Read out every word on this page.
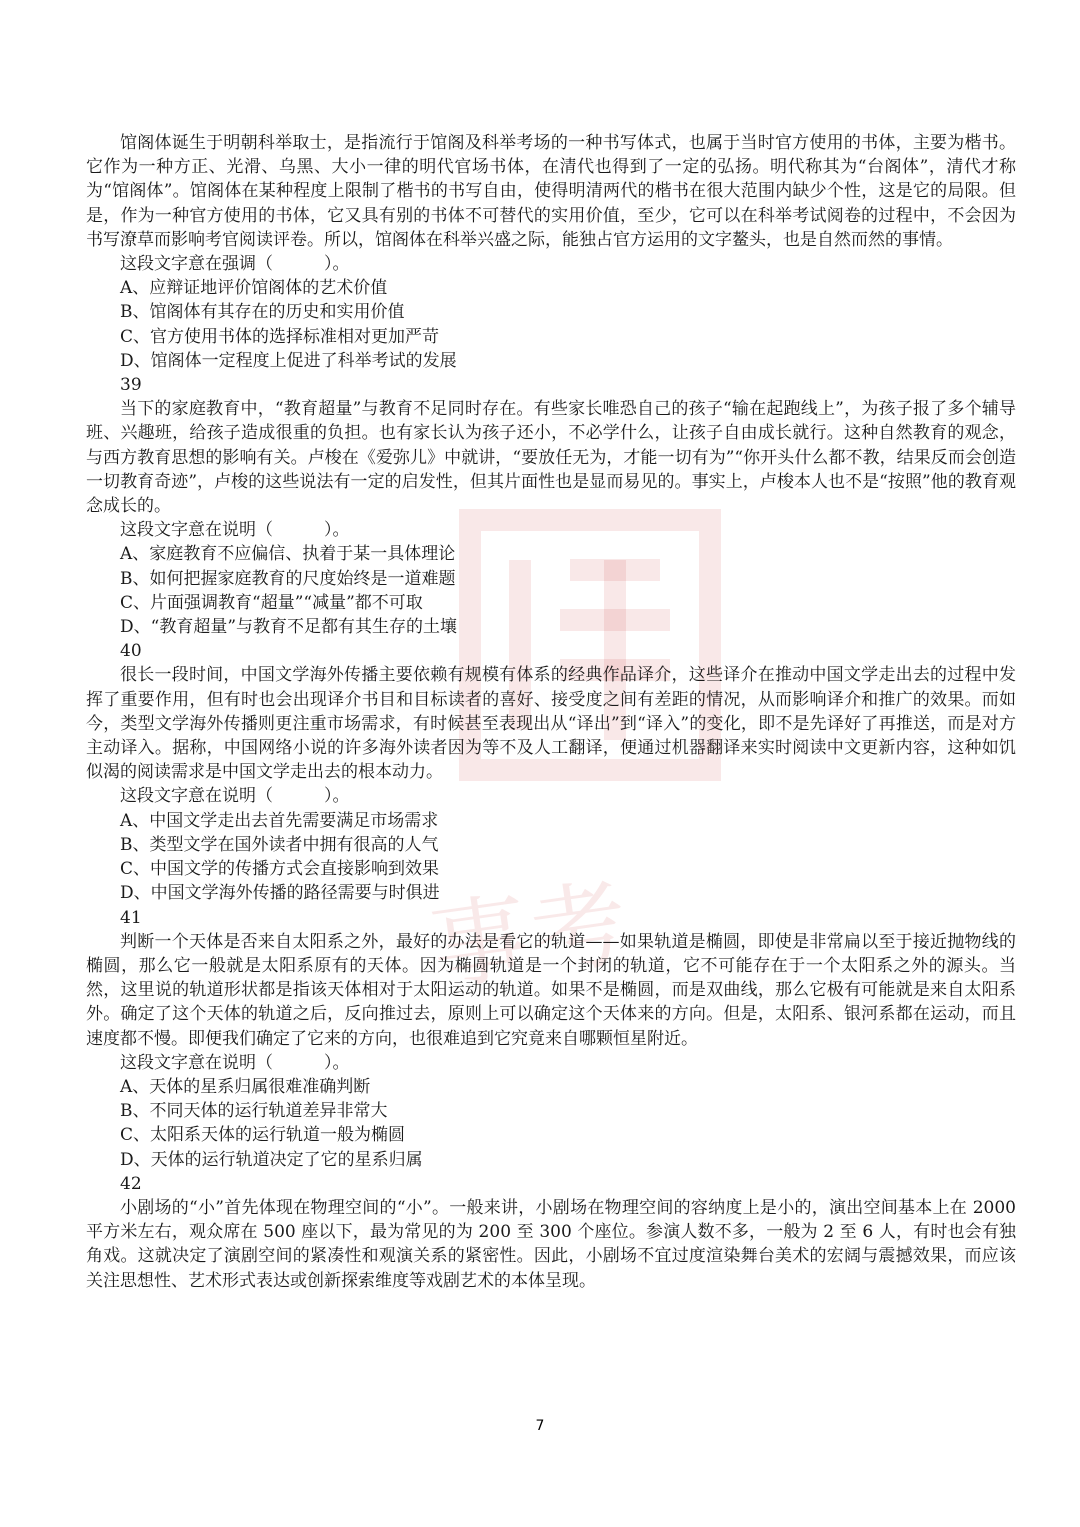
事考

馆阁体诞生于明朝科举取士，是指流行于馆阁及科举考场的一种书写体式，也属于当时官方使用的书体，主要为楷书。它作为一种方正、光滑、乌黑、大小一律的明代官场书体，在清代也得到了一定的弘扬。明代称其为“台阁体”，清代才称为“馆阁体”。馆阁体在某种程度上限制了楷书的书写自由，使得明清两代的楷书在很大范围内缺少个性，这是它的局限。但是，作为一种官方使用的书体，它又具有别的书体不可替代的实用价值，至少，它可以在科举考试阅卷的过程中，不会因为书写潦草而影响考官阅读评卷。所以，馆阁体在科举兴盛之际，能独占官方运用的文字鳌头，也是自然而然的事情。

这段文字意在强调（　　　）。

A、应辩证地评价馆阁体的艺术价值

B、馆阁体有其存在的历史和实用价值

C、官方使用书体的选择标准相对更加严苛

D、馆阁体一定程度上促进了科举考试的发展

39

当下的家庭教育中，“教育超量”与教育不足同时存在。有些家长唯恐自己的孩子“输在起跑线上”，为孩子报了多个辅导班、兴趣班，给孩子造成很重的负担。也有家长认为孩子还小，不必学什么，让孩子自由成长就行。这种自然教育的观念，与西方教育思想的影响有关。卢梭在《爱弥儿》中就讲，“要放任无为，才能一切有为”“你开头什么都不教，结果反而会创造一切教育奇迹”，卢梭的这些说法有一定的启发性，但其片面性也是显而易见的。事实上，卢梭本人也不是“按照”他的教育观念成长的。

这段文字意在说明（　　　）。

A、家庭教育不应偏信、执着于某一具体理论

B、如何把握家庭教育的尺度始终是一道难题

C、片面强调教育“超量”“减量”都不可取

D、“教育超量”与教育不足都有其生存的土壤

40

很长一段时间，中国文学海外传播主要依赖有规模有体系的经典作品译介，这些译介在推动中国文学走出去的过程中发挥了重要作用，但有时也会出现译介书目和目标读者的喜好、接受度之间有差距的情况，从而影响译介和推广的效果。而如今，类型文学海外传播则更注重市场需求，有时候甚至表现出从“译出”到“译入”的变化，即不是先译好了再推送，而是对方主动译入。据称，中国网络小说的许多海外读者因为等不及人工翻译，便通过机器翻译来实时阅读中文更新内容，这种如饥似渴的阅读需求是中国文学走出去的根本动力。

这段文字意在说明（　　　）。

A、中国文学走出去首先需要满足市场需求

B、类型文学在国外读者中拥有很高的人气

C、中国文学的传播方式会直接影响到效果

D、中国文学海外传播的路径需要与时俱进

41

判断一个天体是否来自太阳系之外，最好的办法是看它的轨道——如果轨道是椭圆，即使是非常扁以至于接近抛物线的椭圆，那么它一般就是太阳系原有的天体。因为椭圆轨道是一个封闭的轨道，它不可能存在于一个太阳系之外的源头。当然，这里说的轨道形状都是指该天体相对于太阳运动的轨道。如果不是椭圆，而是双曲线，那么它极有可能就是来自太阳系外。确定了这个天体的轨道之后，反向推过去，原则上可以确定这个天体来的方向。但是，太阳系、银河系都在运动，而且速度都不慢。即便我们确定了它来的方向，也很难追到它究竟来自哪颗恒星附近。

这段文字意在说明（　　　）。

A、天体的星系归属很难准确判断

B、不同天体的运行轨道差异非常大

C、太阳系天体的运行轨道一般为椭圆

D、天体的运行轨道决定了它的星系归属

42

小剧场的“小”首先体现在物理空间的“小”。一般来讲，小剧场在物理空间的容纳度上是小的，演出空间基本上在 2000 平方米左右，观众席在 500 座以下，最为常见的为 200 至 300 个座位。参演人数不多，一般为 2 至 6 人，有时也会有独角戏。这就决定了演剧空间的紧凑性和观演关系的紧密性。因此，小剧场不宜过度渲染舞台美术的宏阔与震撼效果，而应该关注思想性、艺术形式表达或创新探索维度等戏剧艺术的本体呈现。

7
